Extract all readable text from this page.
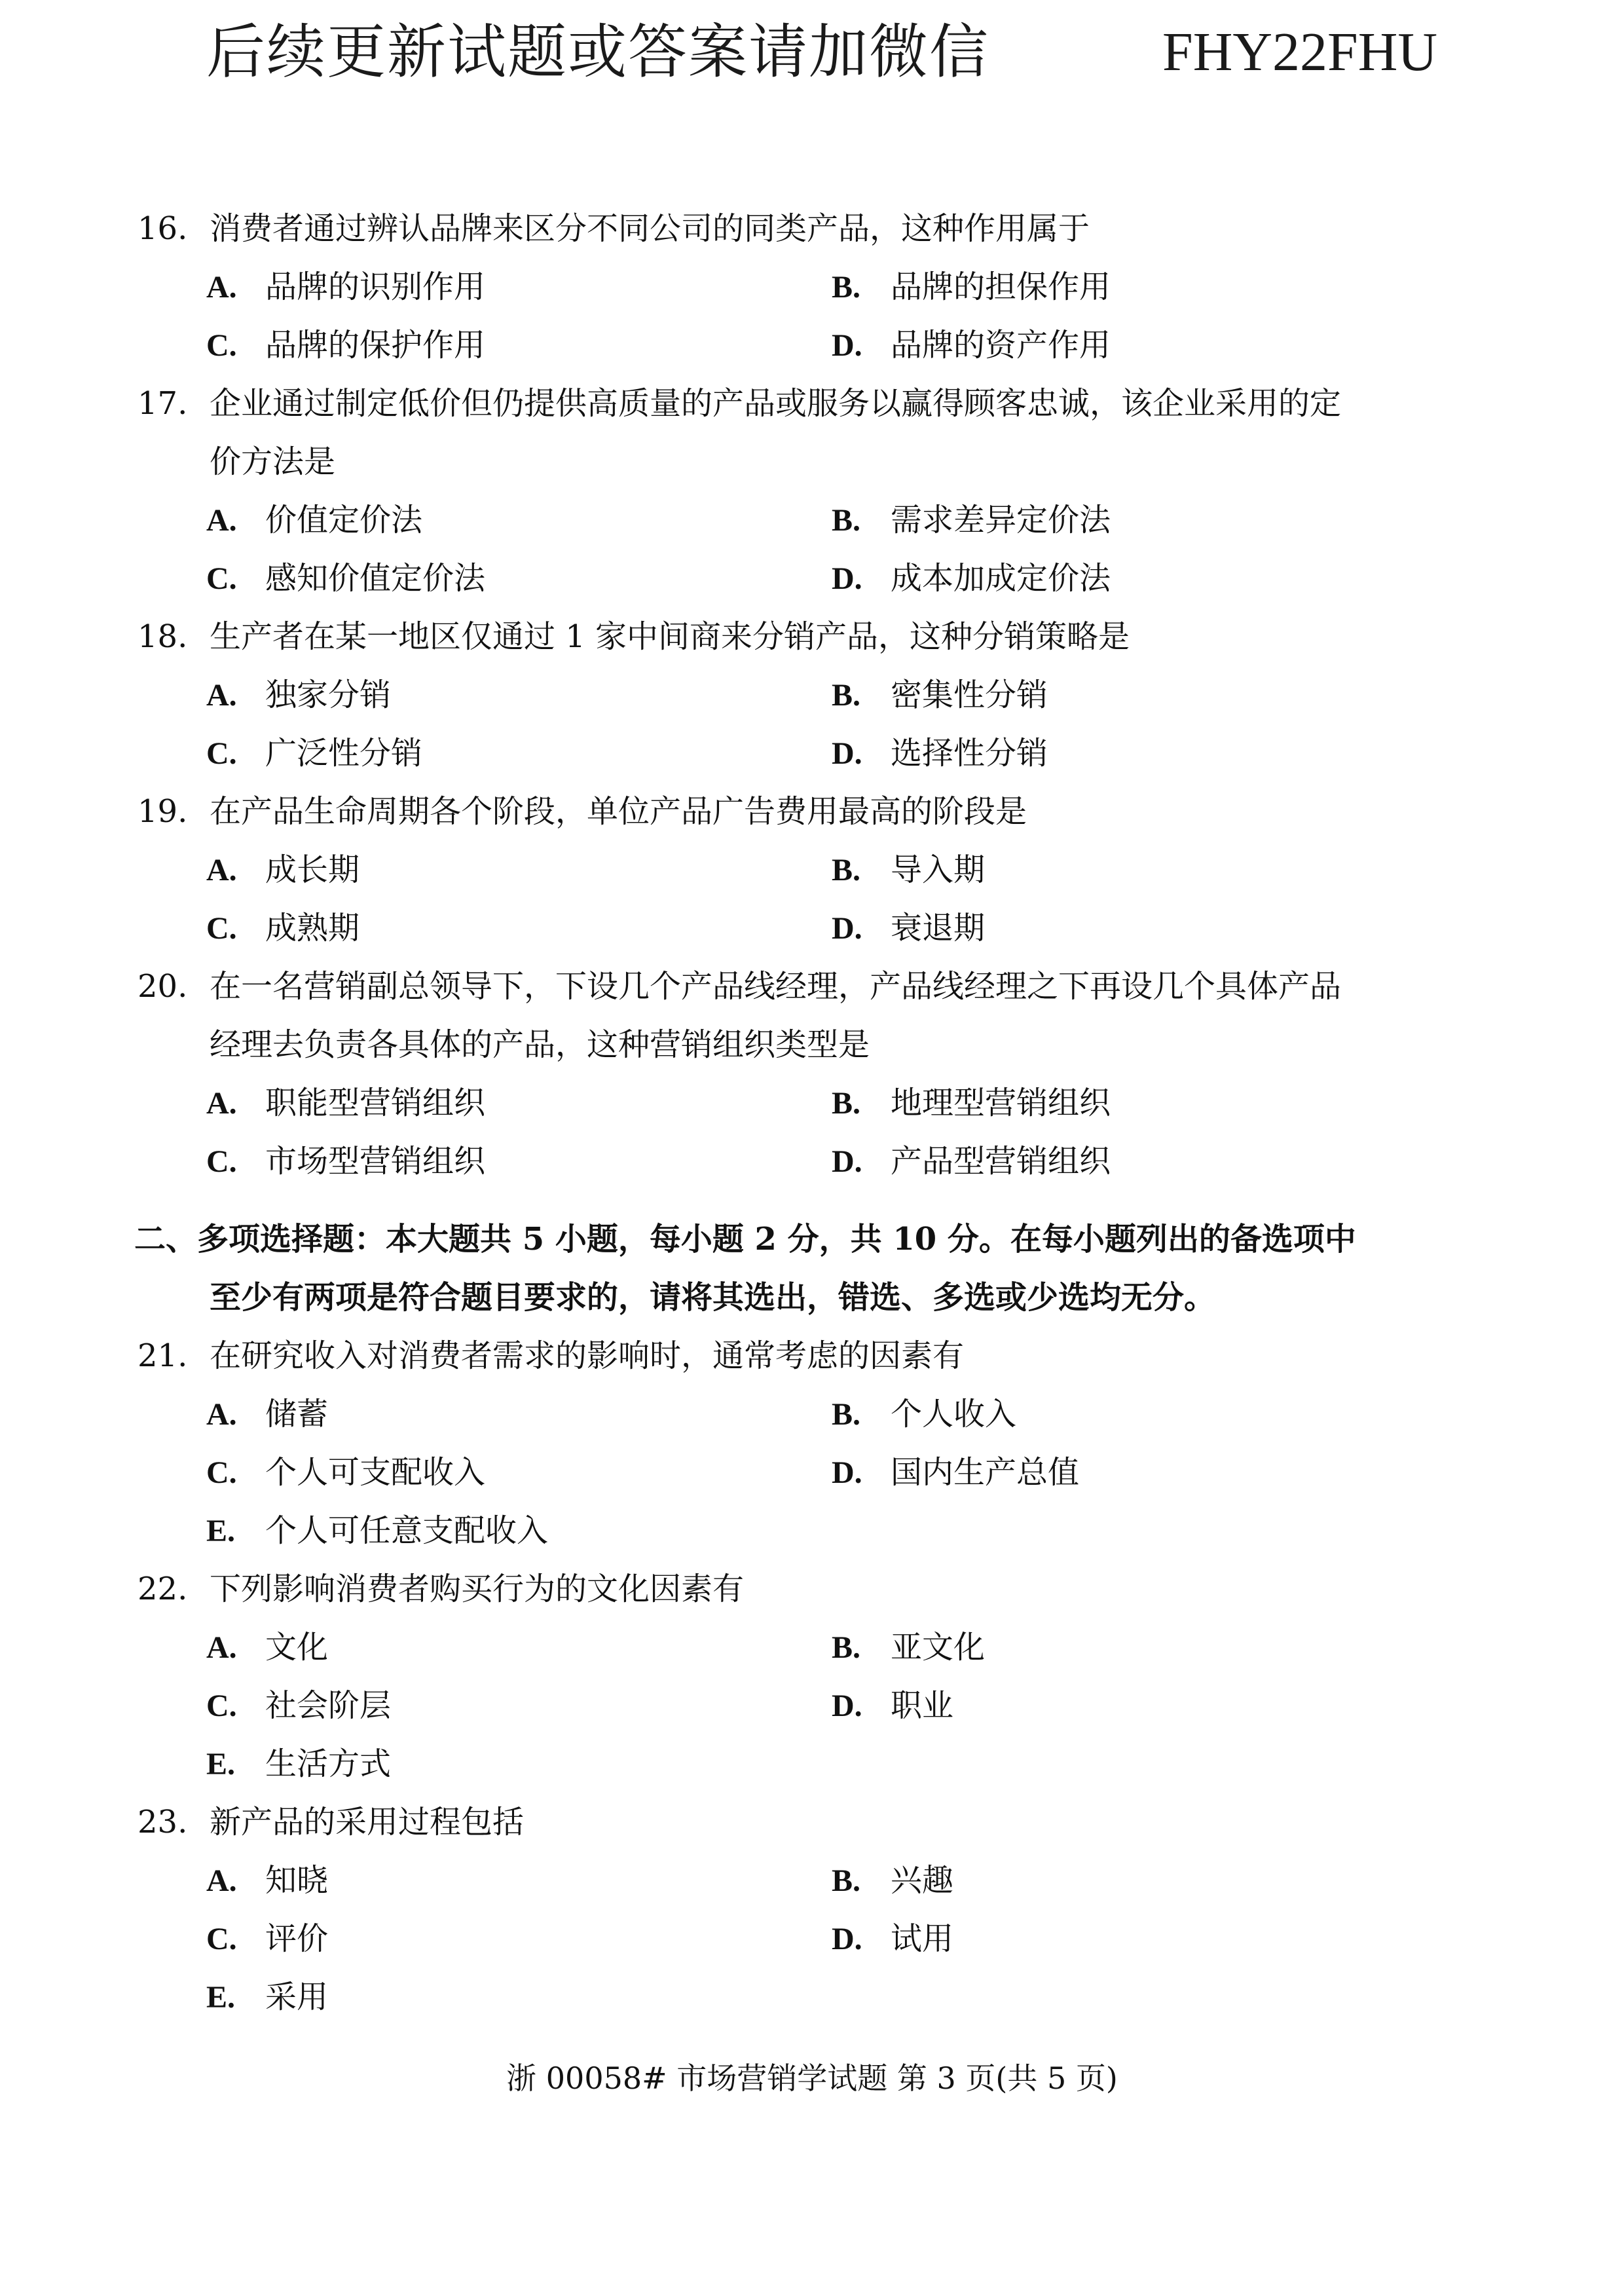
后续更新试题或答案请加微信	FHY22FHU
16. 消费者通过辨认品牌来区分不同公司的同类产品，这种作用属于
A. 品牌的识别作用	B. 品牌的担保作用
C. 品牌的保护作用	D. 品牌的资产作用
17. 企业通过制定低价但仍提供高质量的产品或服务以赢得顾客忠诚，该企业采用的定
价方法是
A. 价值定价法	B. 需求差异定价法
C. 感知价值定价法	D. 成本加成定价法
18. 生产者在某一地区仅通过 1 家中间商来分销产品，这种分销策略是
A. 独家分销	B. 密集性分销
C. 广泛性分销	D. 选择性分销
19. 在产品生命周期各个阶段，单位产品广告费用最高的阶段是
A. 成长期	B. 导入期
C. 成熟期	D. 衰退期
20. 在一名营销副总领导下，下设几个产品线经理，产品线经理之下再设几个具体产品
经理去负责各具体的产品，这种营销组织类型是
A. 职能型营销组织	B. 地理型营销组织
C. 市场型营销组织	D. 产品型营销组织
二、多项选择题：本大题共 5 小题，每小题 2 分，共 10 分。在每小题列出的备选项中
至少有两项是符合题目要求的，请将其选出，错选、多选或少选均无分。
21. 在研究收入对消费者需求的影响时，通常考虑的因素有
A. 储蓄	B. 个人收入
C. 个人可支配收入	D. 国内生产总值
E. 个人可任意支配收入
22. 下列影响消费者购买行为的文化因素有
A. 文化	B. 亚文化
C. 社会阶层	D. 职业
E. 生活方式
23. 新产品的采用过程包括
A. 知晓	B. 兴趣
C. 评价	D. 试用
E. 采用
浙 00058# 市场营销学试题 第 3 页(共 5 页)
